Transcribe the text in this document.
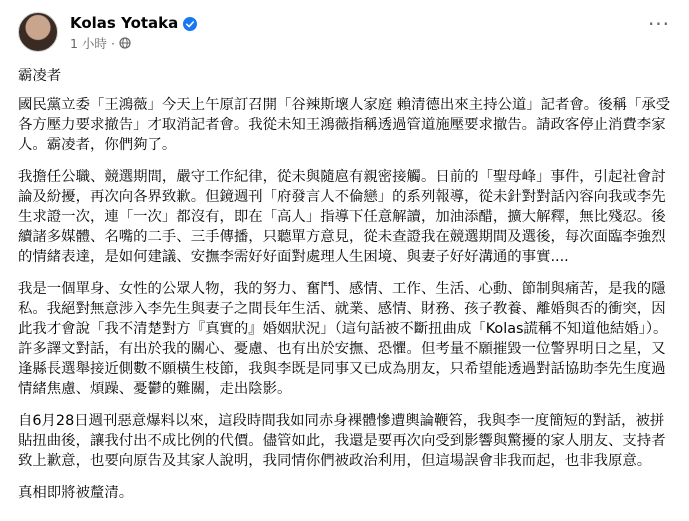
Kolas Yotaka
1 小時 ·
···

霸凌者

國民黨立委「王鴻薇」今天上午原訂召開「谷辣斯壞人家庭 賴清德出來主持公道」記者會。後稱「承受各方壓力要求撤告」才取消記者會。我從未知王鴻薇指稱透過管道施壓要求撤告。請政客停止消費李家人。霸凌者，你們夠了。

我擔任公職、競選期間，嚴守工作紀律，從未與隨扈有親密接觸。日前的「聖母峰」事件，引起社會討論及紛擾，再次向各界致歉。但鏡週刊「府發言人不倫戀」的系列報導，從未針對對話內容向我或李先生求證一次，連「一次」都沒有，即在「高人」指導下任意解讀，加油添醋，擴大解釋，無比殘忍。後續諸多媒體、名嘴的二手、三手傳播，只聽單方意見，從未查證我在競選期間及選後，每次面臨李強烈的情緒表達，是如何建議、安撫李需好好面對處理人生困境、與妻子好好溝通的事實....

我是一個單身、女性的公眾人物，我的努力、奮鬥、感情、工作、生活、心動、節制與痛苦，是我的隱私。我絕對無意涉入李先生與妻子之間長年生活、就業、感情、財務、孩子教養、離婚與否的衝突，因此我才會說「我不清楚對方『真實的』婚姻狀況」（這句話被不斷扭曲成「Kolas謊稱不知道他結婚」）。許多譯文對話，有出於我的關心、憂慮、也有出於安撫、恐懼。但考量不願摧毀一位警界明日之星，又逢縣長選舉接近側數不願橫生枝節，我與李既是同事又已成為朋友，只希望能透過對話協助李先生度過情緒焦慮、煩躁、憂鬱的難關，走出陰影。

自6月28日週刊惡意爆料以來，這段時間我如同赤身裸體慘遭輿論鞭笞，我與李一度簡短的對話，被拼貼扭曲後，讓我付出不成比例的代價。儘管如此，我還是要再次向受到影響與驚擾的家人朋友、支持者致上歉意，也要向原告及其家人說明，我同情你們被政治利用，但這場誤會非我而起，也非我原意。

真相即將被釐清。
